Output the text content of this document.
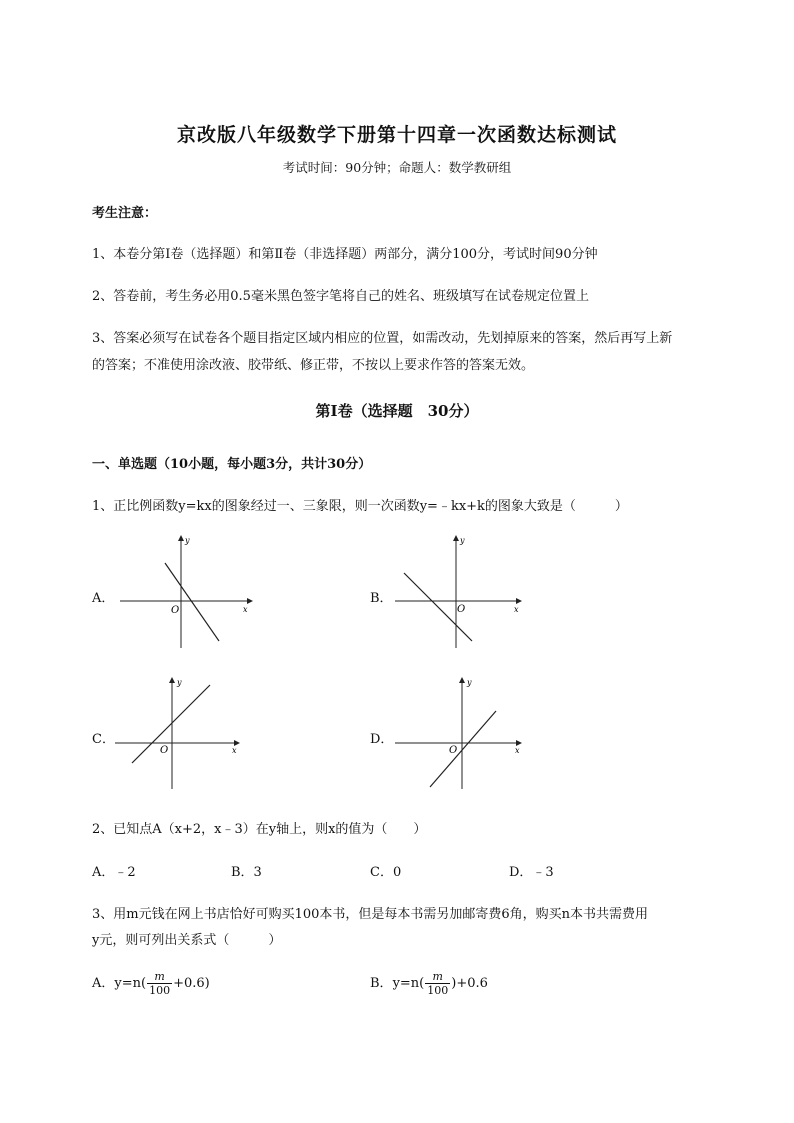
京改版八年级数学下册第十四章一次函数达标测试
考试时间：90分钟；命题人：数学教研组
考生注意：
1、本卷分第I卷（选择题）和第Ⅱ卷（非选择题）两部分，满分100分，考试时间90分钟
2、答卷前，考生务必用0.5毫米黑色签字笔将自己的姓名、班级填写在试卷规定位置上
3、答案必须写在试卷各个题目指定区域内相应的位置，如需改动，先划掉原来的答案，然后再写上新
的答案；不准使用涂改液、胶带纸、修正带，不按以上要求作答的答案无效。
第I卷（选择题　30分）
一、单选题（10小题，每小题3分，共计30分）
1、正比例函数y=kx的图象经过一、三象限，则一次函数y=﹣kx+k的图象大致是（　　　）
A．
O	x
y
B．
O	x
y
C．
O	x
y
D．
O	x
y
2、已知点A（x+2，x﹣3）在y轴上，则x的值为（　　）
A．﹣2	B．3	C．0	D．﹣3
3、用m元钱在网上书店恰好可购买100本书，但是每本书需另加邮寄费6角，购买n本书共需费用
y元，则可列出关系式（　　　）
A．$y=n( \frac{m}{100} +0.6)$	B．$y=n( \frac{m}{100} )+0.6$
